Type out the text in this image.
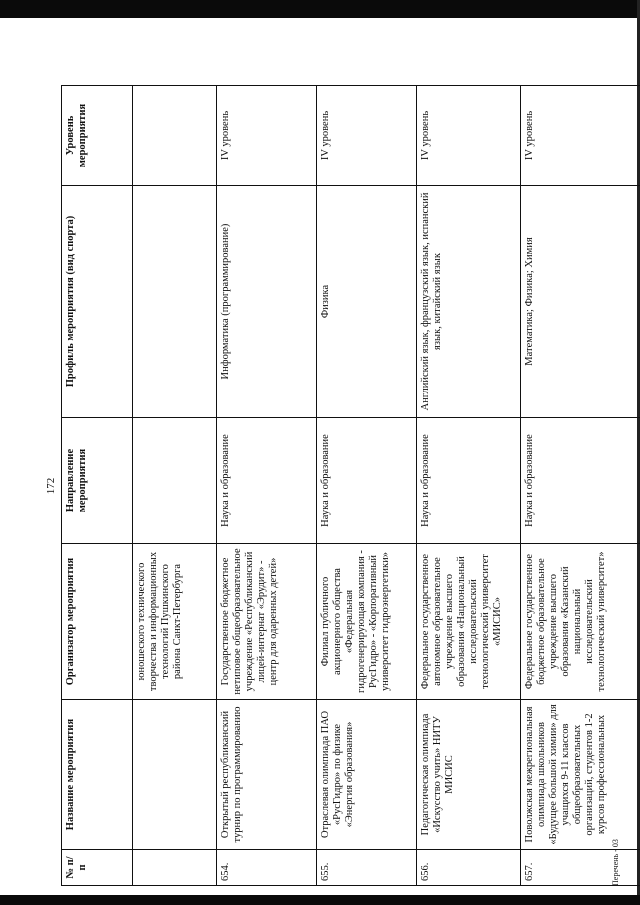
172
№ п/п	Название мероприятия	Организатор мероприятия	Направление мероприятия	Профиль мероприятия (вид спорта)	Уровень мероприятия
		юношеского технического творчества и информационных технологий Пушкинского района Санкт-Петербурга			
654.	Открытый республиканский турнир по программированию	Государственное бюджетное нетиповое общеобразовательное учреждение «Республиканский лицей-интернат «Эрудит» - центр для одаренных детей»	Наука и образование	Информатика (программирование)	IV уровень
655.	Отраслевая олимпиада ПАО «РусГидро» по физике «Энергия образования»	Филиал публичного акционерного общества «Федеральная гидрогенерирующая компания - РусГидро» - «Корпоративный университет гидроэнергетики»	Наука и образование	Физика	IV уровень
656.	Педагогическая олимпиада «Искусство учить» НИТУ МИСИС	Федеральное государственное автономное образовательное учреждение высшего образования «Национальный исследовательский технологический университет «МИСИС»	Наука и образование	Английский язык, французский язык, испанский язык, китайский язык	IV уровень
657.	Поволжская межрегиональная олимпиада школьников «Будущее большой химии» для учащихся 9-11 классов общеобразовательных организаций, студентов 1-2 курсов профессиональных	Федеральное государственное бюджетное образовательное учреждение высшего образования «Казанский национальный исследовательский технологический университет»	Наука и образование	Математика; Физика; Химия	IV уровень
Перечень - 03
